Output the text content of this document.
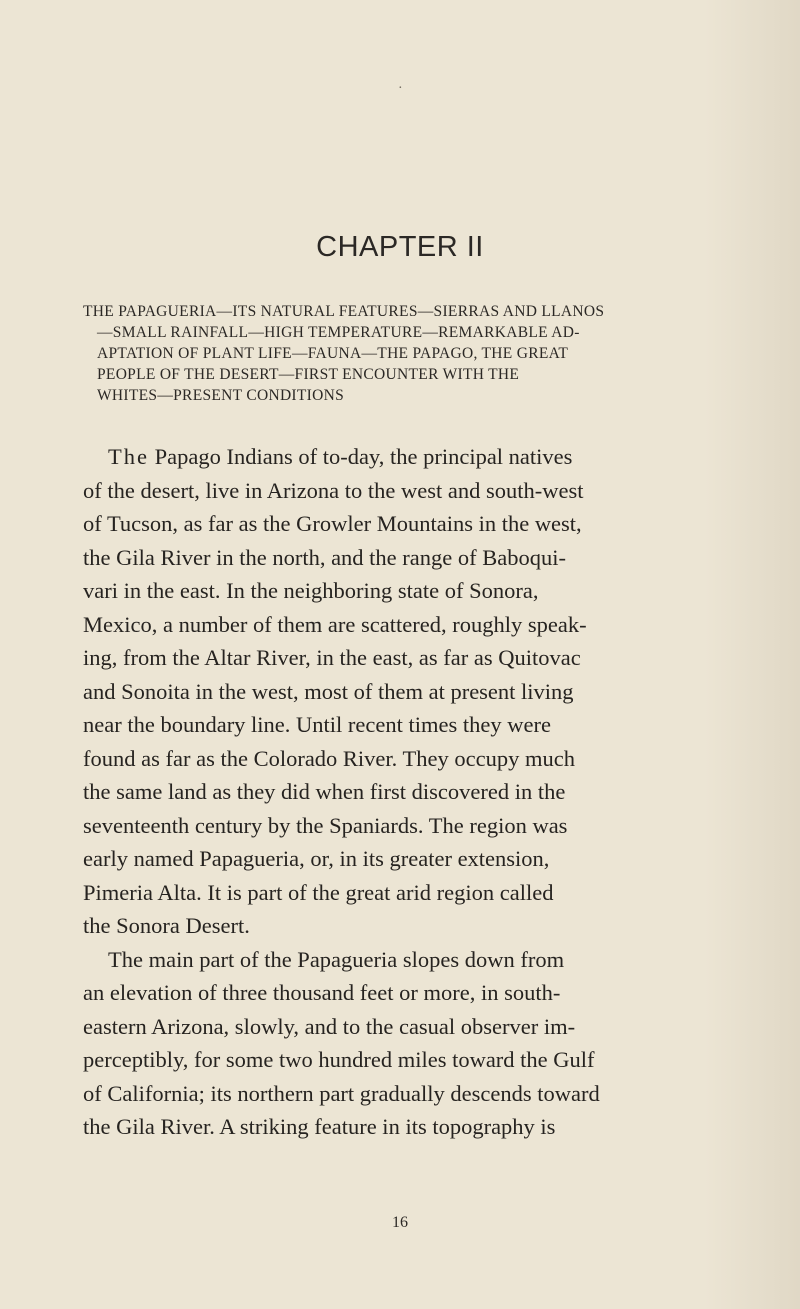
·
CHAPTER II
THE PAPAGUERIA—ITS NATURAL FEATURES—SIERRAS AND LLANOS
—SMALL RAINFALL—HIGH TEMPERATURE—REMARKABLE AD-
APTATION OF PLANT LIFE—FAUNA—THE PAPAGO, THE GREAT
PEOPLE OF THE DESERT—FIRST ENCOUNTER WITH THE
WHITES—PRESENT CONDITIONS
The Papago Indians of to-day, the principal natives
of the desert, live in Arizona to the west and south-west
of Tucson, as far as the Growler Mountains in the west,
the Gila River in the north, and the range of Baboqui-
vari in the east. In the neighboring state of Sonora,
Mexico, a number of them are scattered, roughly speak-
ing, from the Altar River, in the east, as far as Quitovac
and Sonoita in the west, most of them at present living
near the boundary line. Until recent times they were
found as far as the Colorado River. They occupy much
the same land as they did when first discovered in the
seventeenth century by the Spaniards. The region was
early named Papagueria, or, in its greater extension,
Pimeria Alta. It is part of the great arid region called
the Sonora Desert.
The main part of the Papagueria slopes down from
an elevation of three thousand feet or more, in south-
eastern Arizona, slowly, and to the casual observer im-
perceptibly, for some two hundred miles toward the Gulf
of California; its northern part gradually descends toward
the Gila River. A striking feature in its topography is
16
